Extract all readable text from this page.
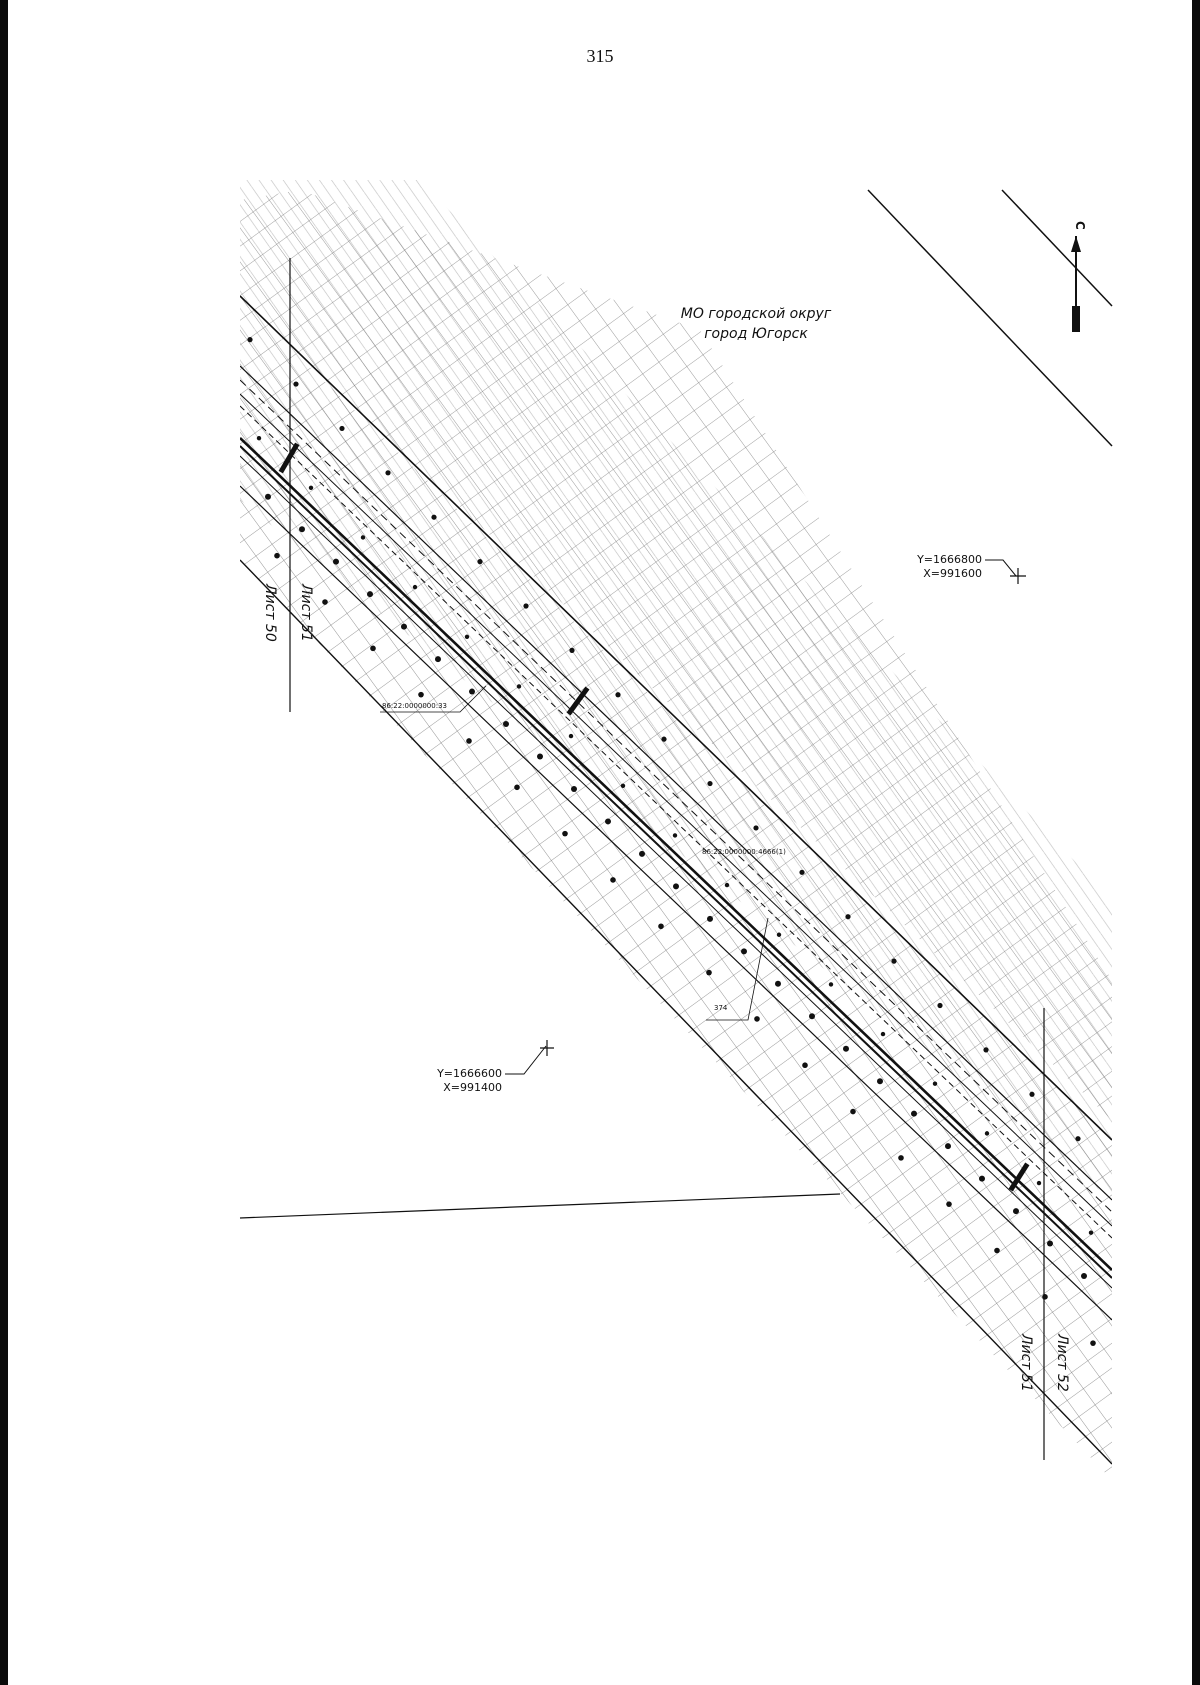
315
С
МО городской округ
город Югорск
Y=1666800
X=991600
Y=1666600
X=991400
Лист 51
Лист 50
Лист 52
Лист 51
86:22:0000000:33
86:22:0000000:4666(1)
374
